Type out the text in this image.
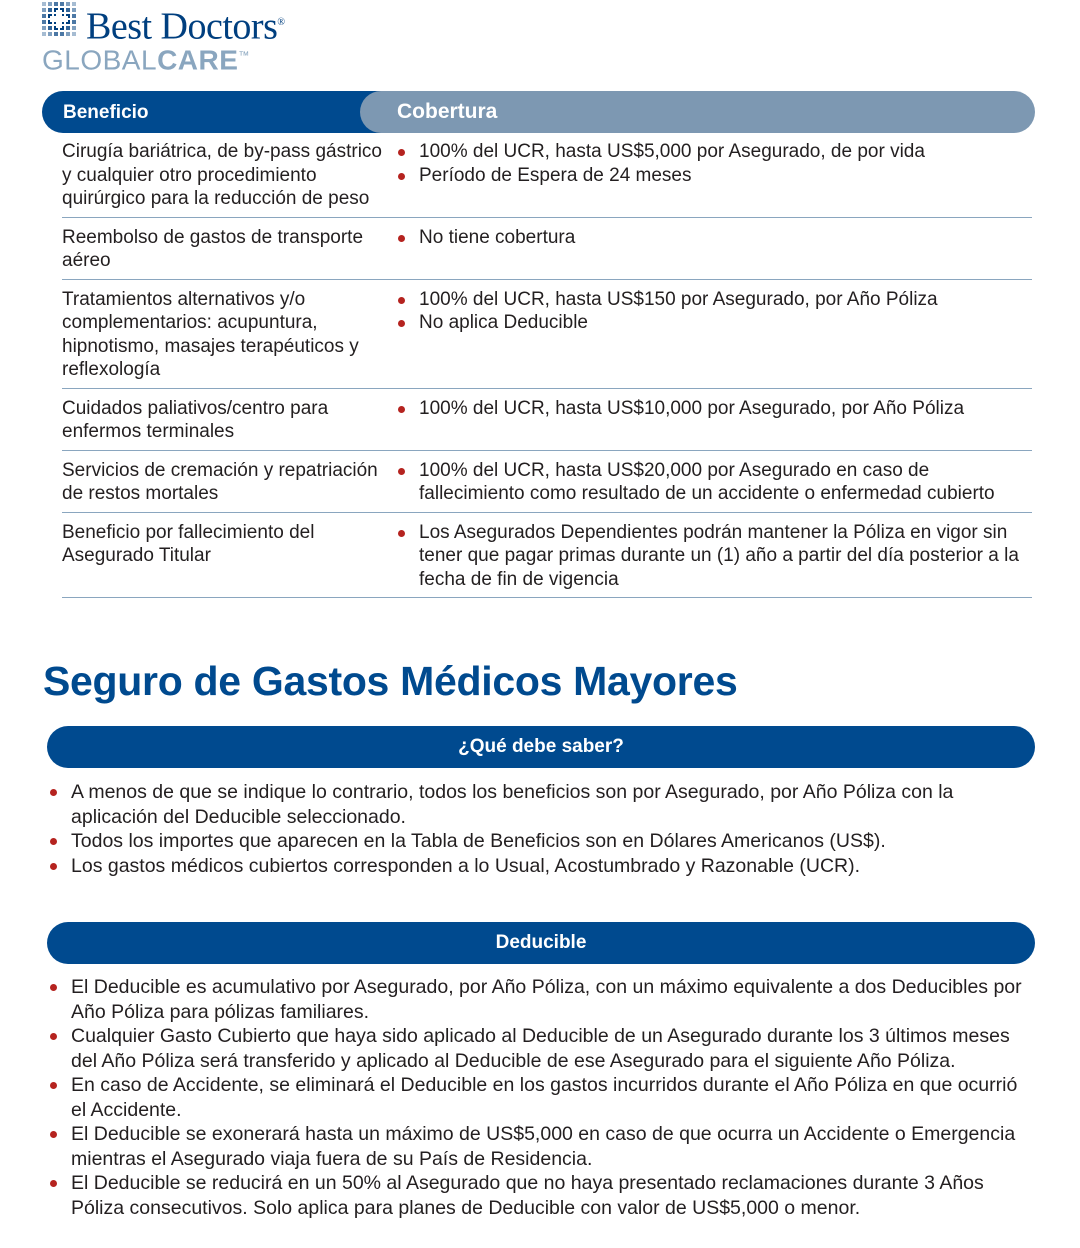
Best Doctors®
GLOBALCARE™
Beneficio	Cobertura
Cirugía bariátrica, de by-pass gástrico y cualquier otro procedimiento quirúrgico para la reducción de peso
100% del UCR, hasta US$5,000 por Asegurado, de por vida
Período de Espera de 24 meses
Reembolso de gastos de transporte aéreo
No tiene cobertura
Tratamientos alternativos y/o complementarios: acupuntura, hipnotismo, masajes terapéuticos y reflexología
100% del UCR, hasta US$150 por Asegurado, por Año Póliza
No aplica Deducible
Cuidados paliativos/centro para enfermos terminales
100% del UCR, hasta US$10,000 por Asegurado, por Año Póliza
Servicios de cremación y repatriación de restos mortales
100% del UCR, hasta US$20,000 por Asegurado en caso de fallecimiento como resultado de un accidente o enfermedad cubierto
Beneficio por fallecimiento del Asegurado Titular
Los Asegurados Dependientes podrán mantener la Póliza en vigor sin tener que pagar primas durante un (1) año a partir del día posterior a la fecha de fin de vigencia
Seguro de Gastos Médicos Mayores
¿Qué debe saber?
A menos de que se indique lo contrario, todos los beneficios son por Asegurado, por Año Póliza con la aplicación del Deducible seleccionado.
Todos los importes que aparecen en la Tabla de Beneficios son en Dólares Americanos (US$).
Los gastos médicos cubiertos corresponden a lo Usual, Acostumbrado y Razonable (UCR).
Deducible
El Deducible es acumulativo por Asegurado, por Año Póliza, con un máximo equivalente a dos Deducibles por Año Póliza para pólizas familiares.
Cualquier Gasto Cubierto que haya sido aplicado al Deducible de un Asegurado durante los 3 últimos meses del Año Póliza será transferido y aplicado al Deducible de ese Asegurado para el siguiente Año Póliza.
En caso de Accidente, se eliminará el Deducible en los gastos incurridos durante el Año Póliza en que ocurrió el Accidente.
El Deducible se exonerará hasta un máximo de US$5,000 en caso de que ocurra un Accidente o Emergencia mientras el Asegurado viaja fuera de su País de Residencia.
El Deducible se reducirá en un 50% al Asegurado que no haya presentado reclamaciones durante 3 Años Póliza consecutivos. Solo aplica para planes de Deducible con valor de US$5,000 o menor.
